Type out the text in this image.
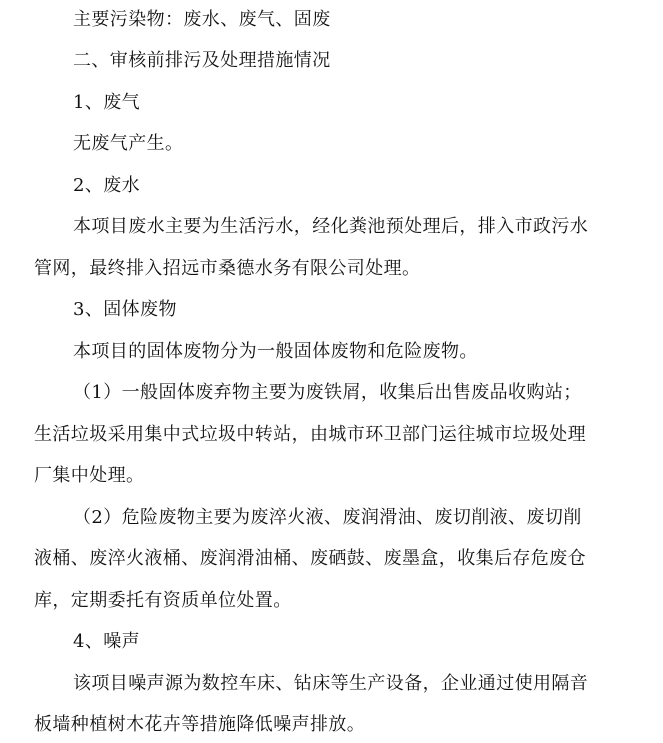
主要污染物：废水、废气、固废
二、审核前排污及处理措施情况
1、废气
无废气产生。
2、废水
本项目废水主要为生活污水，经化粪池预处理后，排入市政污水
管网，最终排入招远市桑德水务有限公司处理。
3、固体废物
本项目的固体废物分为一般固体废物和危险废物。
（1）一般固体废弃物主要为废铁屑，收集后出售废品收购站；
生活垃圾采用集中式垃圾中转站，由城市环卫部门运往城市垃圾处理
厂集中处理。
（2）危险废物主要为废淬火液、废润滑油、废切削液、废切削
液桶、废淬火液桶、废润滑油桶、废硒鼓、废墨盒，收集后存危废仓
库，定期委托有资质单位处置。
4、噪声
该项目噪声源为数控车床、钻床等生产设备，企业通过使用隔音
板墙种植树木花卉等措施降低噪声排放。
